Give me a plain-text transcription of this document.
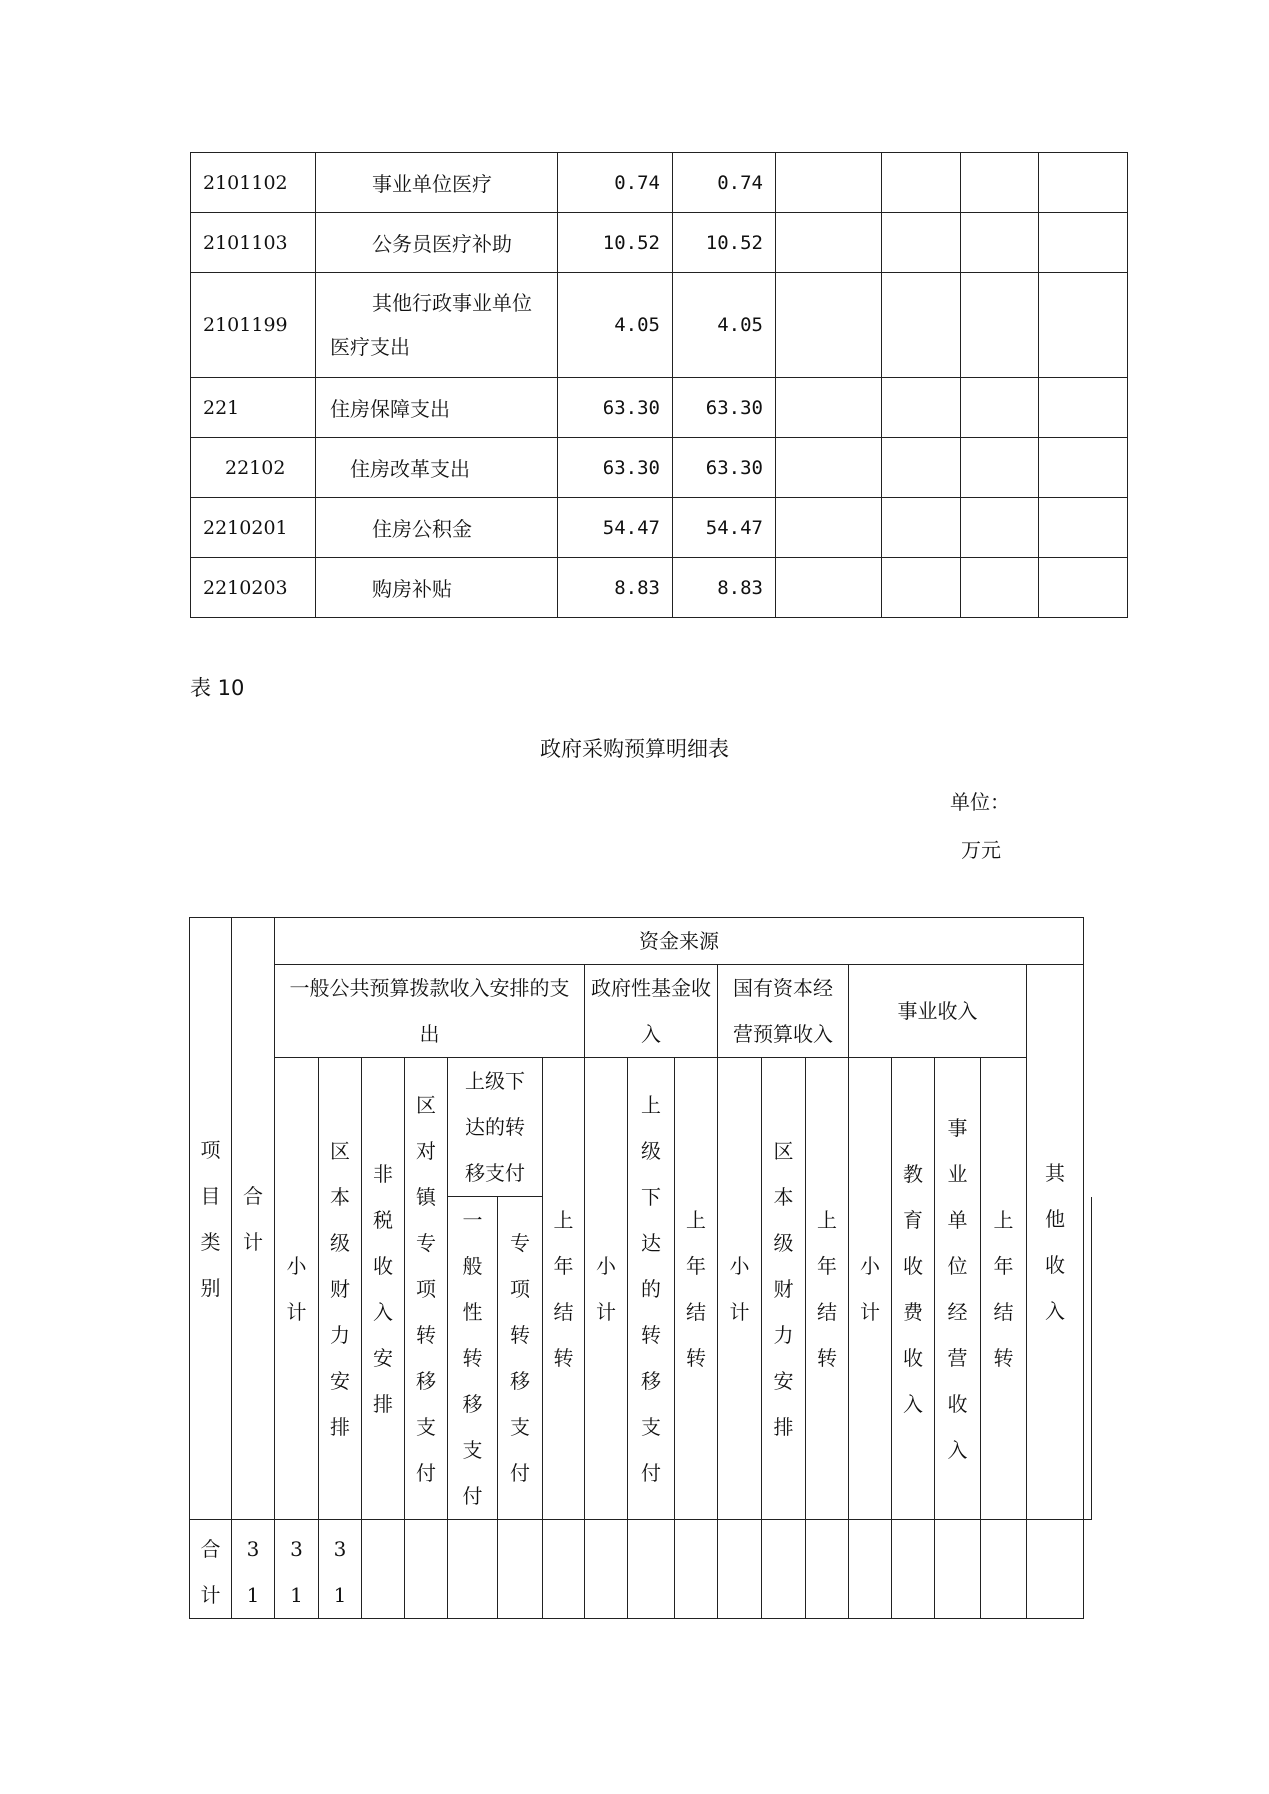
2101102	事业单位医疗	0.74	0.74				
2101103	公务员医疗补助	10.52	10.52				
2101199	其他行政事业单位医疗支出	4.05	4.05				
221	住房保障支出	63.30	63.30				
22102	住房改革支出	63.30	63.30				
2210201	住房公积金	54.47	54.47				
2210203	购房补贴	8.83	8.83				
表 10
政府采购预算明细表
单位：
万元
项目类别	合计	资金来源																		
		一般公共预算拨款收入安排的支出							政府性基金收入			国有资本经营预算收入			事业收入				其他收入	
		小计	区本级财力安排	非税收入安排	区对镇专项转移支付	上级下达的转移支付		上年结转	小计	上级下达的转移支付	上年结转	小计	区本级财力安排	上年结转	小计	教育收费收入	事业单位经营收入	上年结转		
						一般性转移支付	专项转移支付													

合计	31	31	31																	
